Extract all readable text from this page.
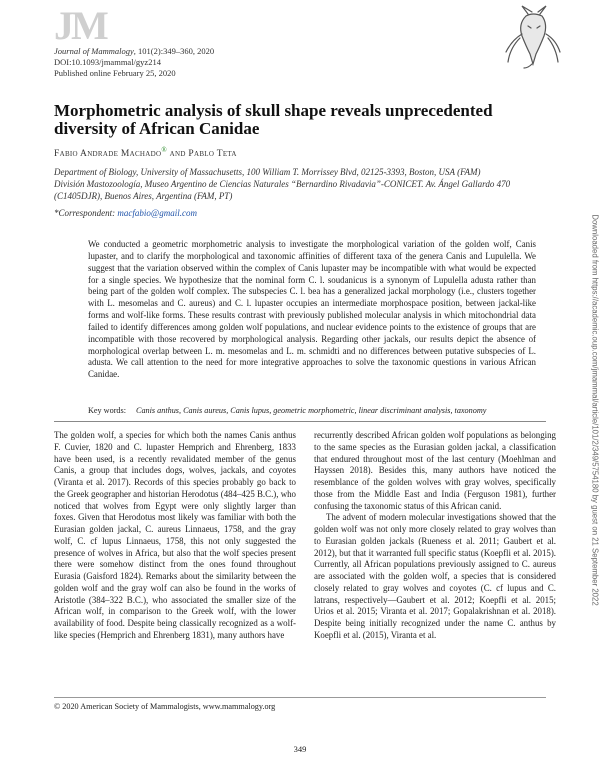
JM
Journal of Mammalogy, 101(2):349–360, 2020
DOI:10.1093/jmammal/gyz214
Published online February 25, 2020
Morphometric analysis of skull shape reveals unprecedented diversity of African Canidae
Fabio Andrade Machado® and Pablo Teta
Department of Biology, University of Massachusetts, 100 William T. Morrissey Blvd, 02125-3393, Boston, USA (FAM)
División Mastozoología, Museo Argentino de Ciencias Naturales “Bernardino Rivadavia”-CONICET. Av. Ángel Gallardo 470 (C1405DJR), Buenos Aires, Argentina (FAM, PT)
*Correspondent: macfabio@gmail.com
We conducted a geometric morphometric analysis to investigate the morphological variation of the golden wolf, Canis lupaster, and to clarify the morphological and taxonomic affinities of different taxa of the genera Canis and Lupulella. We suggest that the variation observed within the complex of Canis lupaster may be incompatible with what would be expected for a single species. We hypothesize that the nominal form C. l. soudanicus is a synonym of Lupulella adusta rather than being part of the golden wolf complex. The subspecies C. l. bea has a generalized jackal morphology (i.e., clusters together with L. mesomelas and C. aureus) and C. l. lupaster occupies an intermediate morphospace position, between jackal-like forms and wolf-like forms. These results contrast with previously published molecular analysis in which mitochondrial data failed to identify differences among golden wolf populations, and nuclear evidence points to the existence of groups that are incompatible with those recovered by morphological analysis. Regarding other jackals, our results depict the absence of morphological overlap between L. m. mesomelas and L. m. schmidti and no differences between putative subspecies of L. adusta. We call attention to the need for more integrative approaches to solve the taxonomic questions in various African Canidae.
Key words: Canis anthus, Canis aureus, Canis lupus, geometric morphometric, linear discriminant analysis, taxonomy

The golden wolf, a species for which both the names Canis anthus F. Cuvier, 1820 and C. lupaster Hemprich and Ehrenberg, 1833 have been used, is a recently revalidated member of the genus Canis, a group that includes dogs, wolves, jackals, and coyotes (Viranta et al. 2017). Records of this species probably go back to the Greek geographer and historian Herodotus (484–425 B.C.), who noticed that wolves from Egypt were only slightly larger than foxes. Given that Herodotus most likely was familiar with both the Eurasian golden jackal, C. aureus Linnaeus, 1758, and the gray wolf, C. cf lupus Linnaeus, 1758, this not only suggested the presence of wolves in Africa, but also that the wolf species present there were somehow distinct from the ones found throughout Eurasia (Gaisford 1824). Remarks about the similarity between the golden wolf and the gray wolf can also be found in the works of Aristotle (384–322 B.C.), who associated the smaller size of the African wolf, in comparison to the Greek wolf, with the lower availability of food. Despite being classically recognized as a wolf-like species (Hemprich and Ehrenberg 1831), many authors have

recurrently described African golden wolf populations as belonging to the same species as the Eurasian golden jackal, a classification that endured throughout most of the last century (Moehlman and Hayssen 2018). Besides this, many authors have noticed the resemblance of the golden wolves with gray wolves, specifically those from the Middle East and India (Ferguson 1981), further confusing the taxonomic status of this African canid.

The advent of modern molecular investigations showed that the golden wolf was not only more closely related to gray wolves than to Eurasian golden jackals (Rueness et al. 2011; Gaubert et al. 2012), but that it warranted full specific status (Koepfli et al. 2015). Currently, all African populations previously assigned to C. aureus are associated with the golden wolf, a species that is considered closely related to gray wolves and coyotes (C. cf lupus and C. latrans, respectively—Gaubert et al. 2012; Koepfli et al. 2015; Urios et al. 2015; Viranta et al. 2017; Gopalakrishnan et al. 2018). Despite being initially recognized under the name C. anthus by Koepfli et al. (2015), Viranta et al.

© 2020 American Society of Mammalogists, www.mammalogy.org
349
Downloaded from https://academic.oup.com/jmammal/article/101/2/349/5754180 by guest on 21 September 2022
